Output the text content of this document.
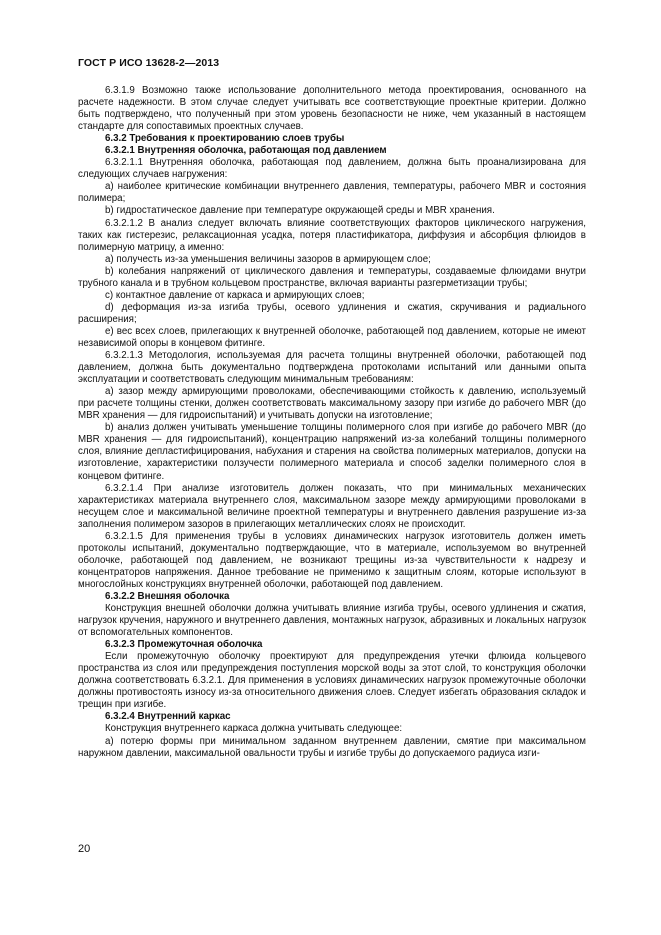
ГОСТ Р ИСО 13628-2—2013

6.3.1.9 Возможно также использование дополнительного метода проектирования, основанного на расчете надежности. В этом случае следует учитывать все соответствующие проектные критерии. Должно быть подтверждено, что полученный при этом уровень безопасности не ниже, чем указанный в настоящем стандарте для сопоставимых проектных случаев.

6.3.2 Требования к проектированию слоев трубы

6.3.2.1 Внутренняя оболочка, работающая под давлением

6.3.2.1.1 Внутренняя оболочка, работающая под давлением, должна быть проанализирована для следующих случаев нагружения:

a) наиболее критические комбинации внутреннего давления, температуры, рабочего MBR и состояния полимера;

b) гидростатическое давление при температуре окружающей среды и MBR хранения.

6.3.2.1.2 В анализ следует включать влияние соответствующих факторов циклического нагружения, таких как гистерезис, релаксационная усадка, потеря пластификатора, диффузия и абсорбция флюидов в полимерную матрицу, а именно:

a) получесть из-за уменьшения величины зазоров в армирующем слое;

b) колебания напряжений от циклического давления и температуры, создаваемые флюидами внутри трубного канала и в трубном кольцевом пространстве, включая варианты разгерметизации трубы;

c) контактное давление от каркаса и армирующих слоев;

d) деформация из-за изгиба трубы, осевого удлинения и сжатия, скручивания и радиального расширения;

e) вес всех слоев, прилегающих к внутренней оболочке, работающей под давлением, которые не имеют независимой опоры в концевом фитинге.

6.3.2.1.3 Методология, используемая для расчета толщины внутренней оболочки, работающей под давлением, должна быть документально подтверждена протоколами испытаний или данными опыта эксплуатации и соответствовать следующим минимальным требованиям:

a) зазор между армирующими проволоками, обеспечивающими стойкость к давлению, используемый при расчете толщины стенки, должен соответствовать максимальному зазору при изгибе до рабочего MBR (до MBR хранения — для гидроиспытаний) и учитывать допуски на изготовление;

b) анализ должен учитывать уменьшение толщины полимерного слоя при изгибе до рабочего MBR (до MBR хранения — для гидроиспытаний), концентрацию напряжений из-за колебаний толщины полимерного слоя, влияние депластифицирования, набухания и старения на свойства полимерных материалов, допуски на изготовление, характеристики ползучести полимерного материала и способ заделки полимерного слоя в концевом фитинге.

6.3.2.1.4 При анализе изготовитель должен показать, что при минимальных механических характеристиках материала внутреннего слоя, максимальном зазоре между армирующими проволоками в несущем слое и максимальной величине проектной температуры и внутреннего давления разрушение из-за заполнения полимером зазоров в прилегающих металлических слоях не происходит.

6.3.2.1.5 Для применения трубы в условиях динамических нагрузок изготовитель должен иметь протоколы испытаний, документально подтверждающие, что в материале, используемом во внутренней оболочке, работающей под давлением, не возникают трещины из-за чувствительности к надрезу и концентраторов напряжения. Данное требование не применимо к защитным слоям, которые используют в многослойных конструкциях внутренней оболочки, работающей под давлением.

6.3.2.2 Внешняя оболочка

Конструкция внешней оболочки должна учитывать влияние изгиба трубы, осевого удлинения и сжатия, нагрузок кручения, наружного и внутреннего давления, монтажных нагрузок, абразивных и локальных нагрузок от вспомогательных компонентов.

6.3.2.3 Промежуточная оболочка

Если промежуточную оболочку проектируют для предупреждения утечки флюида кольцевого пространства из слоя или предупреждения поступления морской воды за этот слой, то конструкция оболочки должна соответствовать 6.3.2.1. Для применения в условиях динамических нагрузок промежуточные оболочки должны противостоять износу из-за относительного движения слоев. Следует избегать образования складок и трещин при изгибе.

6.3.2.4 Внутренний каркас

Конструкция внутреннего каркаса должна учитывать следующее:

а) потерю формы при минимальном заданном внутреннем давлении, смятие при максимальном наружном давлении, максимальной овальности трубы и изгибе трубы до допускаемого радиуса изги-

20
